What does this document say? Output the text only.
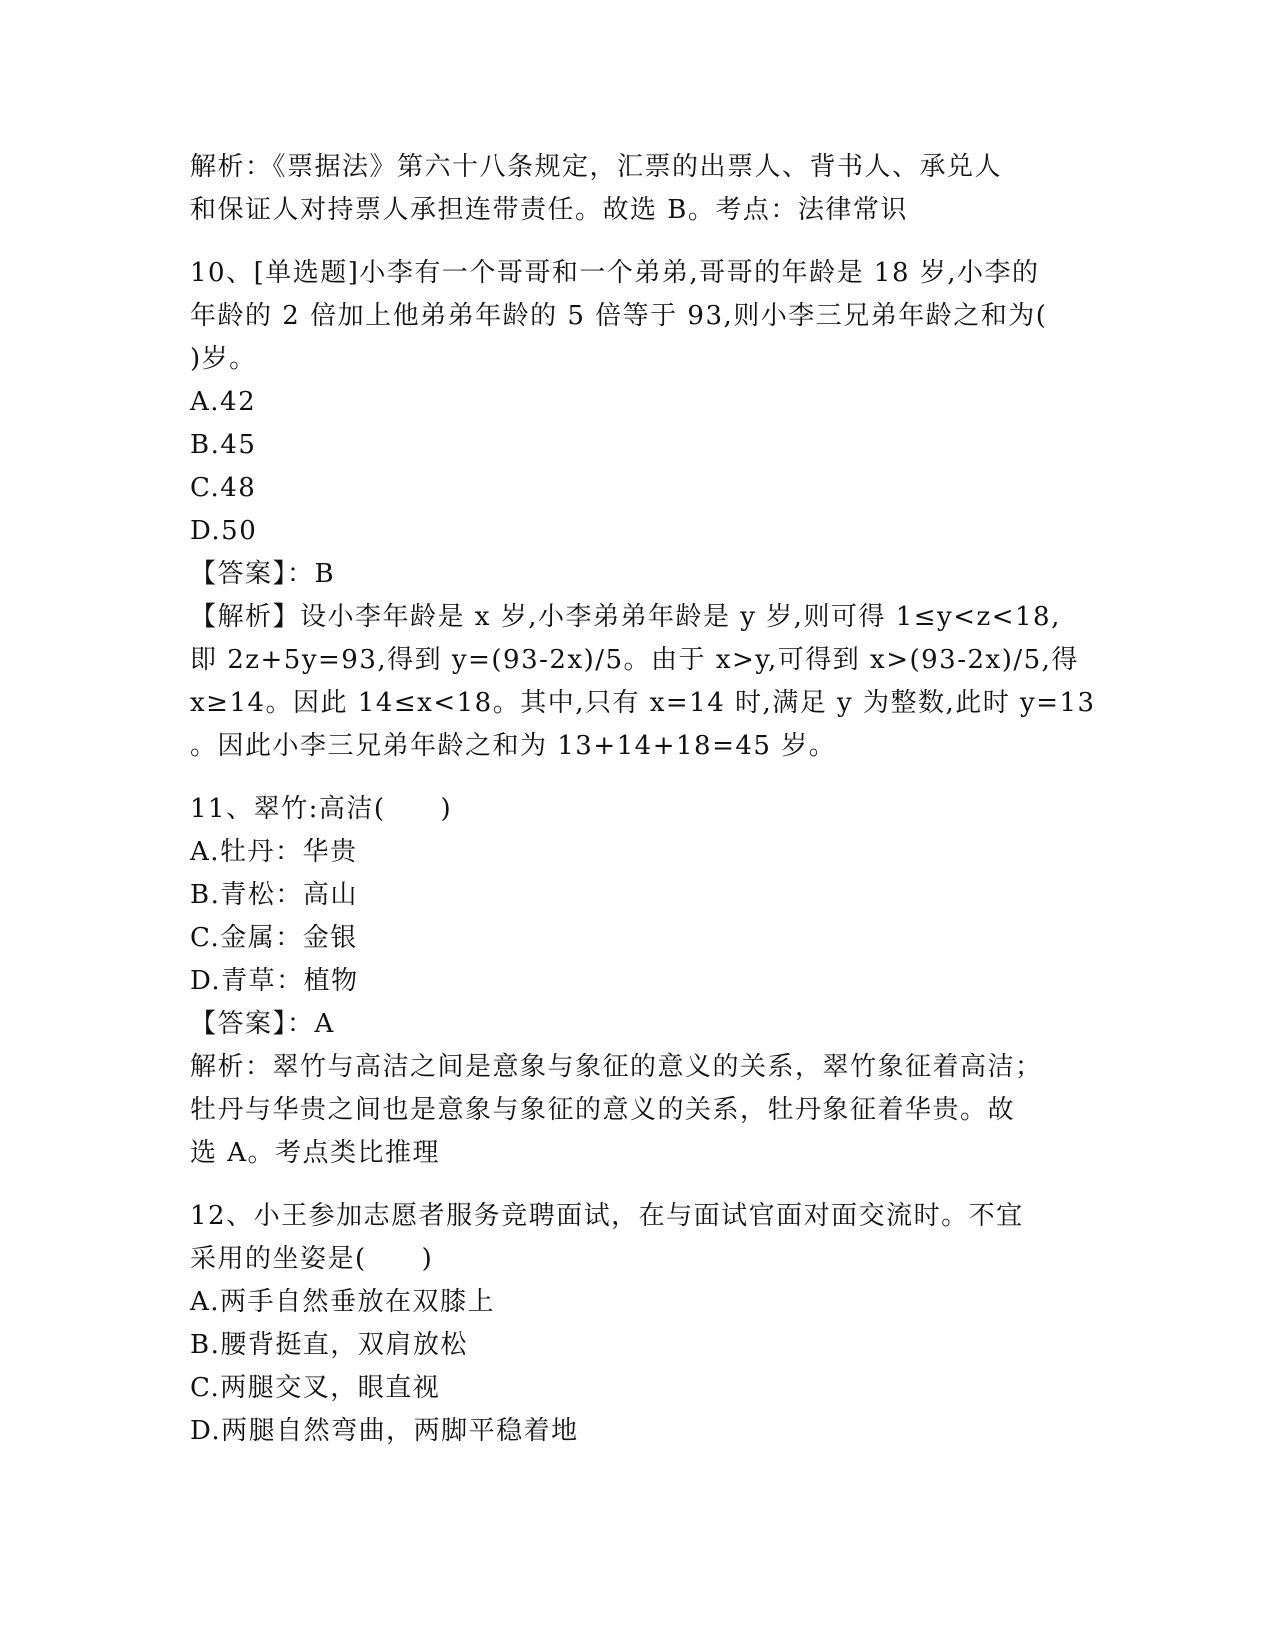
解析：《票据法》第六十八条规定，汇票的出票人、背书人、承兑人
和保证人对持票人承担连带责任。故选 B。考点：法律常识
10、[单选题]小李有一个哥哥和一个弟弟,哥哥的年龄是 18 岁,小李的
年龄的 2 倍加上他弟弟年龄的 5 倍等于 93,则小李三兄弟年龄之和为(
)岁。
A.42
B.45
C.48
D.50
【答案】：B
【解析】设小李年龄是 x 岁,小李弟弟年龄是 y 岁,则可得 1≤y<z<18,
即 2z+5y=93,得到 y=(93-2x)/5。由于 x>y,可得到 x>(93-2x)/5,得
x≥14。因此 14≤x<18。其中,只有 x=14 时,满足 y 为整数,此时 y=13
。因此小李三兄弟年龄之和为 13+14+18=45 岁。
11、翠竹:高洁(　　)
A.牡丹：华贵
B.青松：高山
C.金属：金银
D.青草：植物
【答案】：A
解析：翠竹与高洁之间是意象与象征的意义的关系，翠竹象征着高洁；
牡丹与华贵之间也是意象与象征的意义的关系，牡丹象征着华贵。故
选 A。考点类比推理
12、小王参加志愿者服务竞聘面试，在与面试官面对面交流时。不宜
采用的坐姿是(　　)
A.两手自然垂放在双膝上
B.腰背挺直，双肩放松
C.两腿交叉，眼直视
D.两腿自然弯曲，两脚平稳着地
